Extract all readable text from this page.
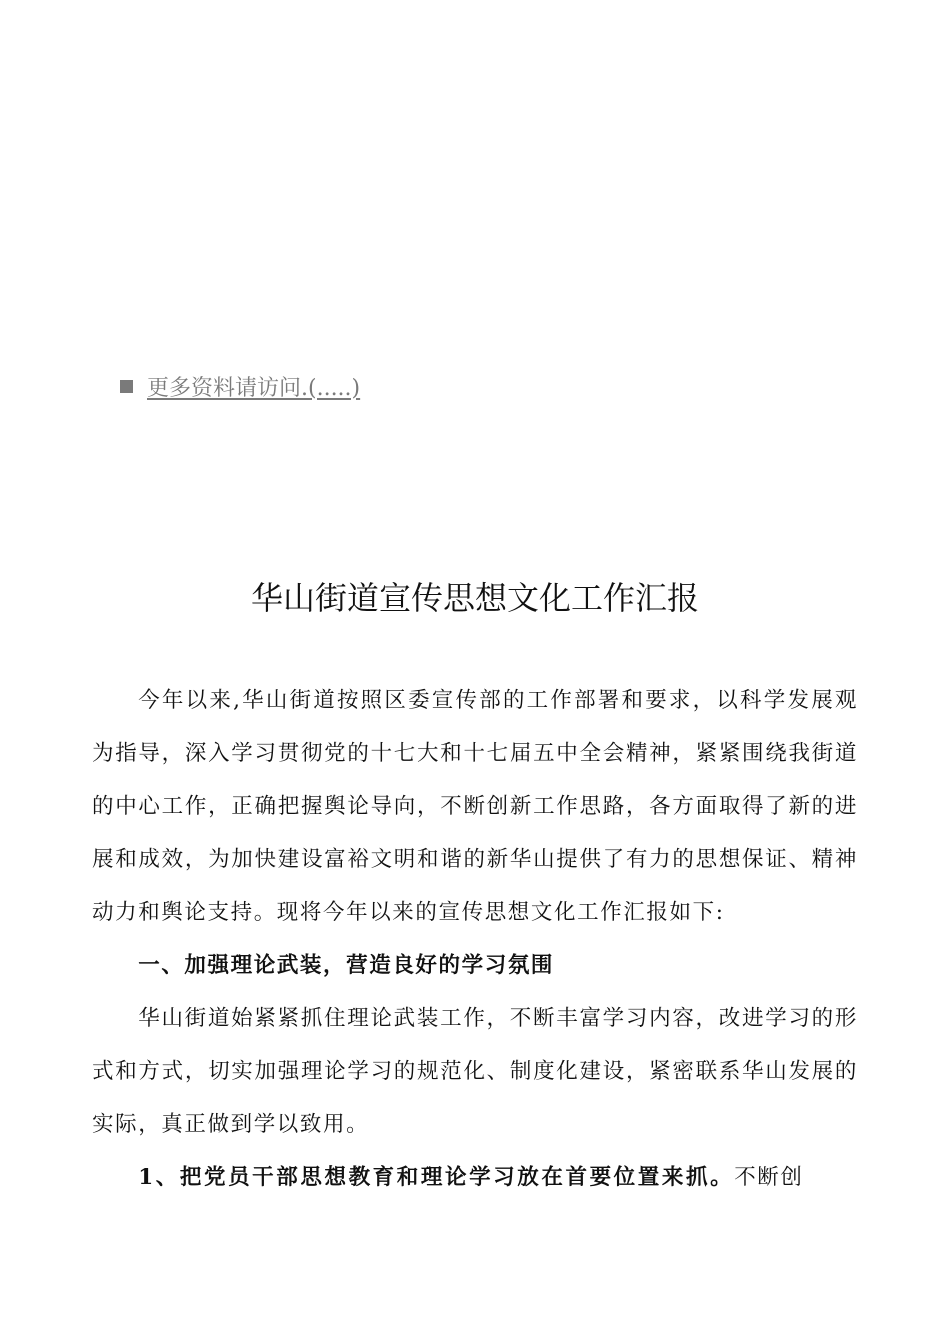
更多资料请访问.(.....)
华山街道宣传思想文化工作汇报

今年以来,华山街道按照区委宣传部的工作部署和要求，以科学发展观为指导，深入学习贯彻党的十七大和十七届五中全会精神，紧紧围绕我街道的中心工作，正确把握舆论导向，不断创新工作思路，各方面取得了新的进展和成效，为加快建设富裕文明和谐的新华山提供了有力的思想保证、精神动力和舆论支持。现将今年以来的宣传思想文化工作汇报如下:

一、加强理论武装，营造良好的学习氛围

华山街道始紧紧抓住理论武装工作，不断丰富学习内容，改进学习的形式和方式，切实加强理论学习的规范化、制度化建设，紧密联系华山发展的实际，真正做到学以致用。

1、把党员干部思想教育和理论学习放在首要位置来抓。不断创
